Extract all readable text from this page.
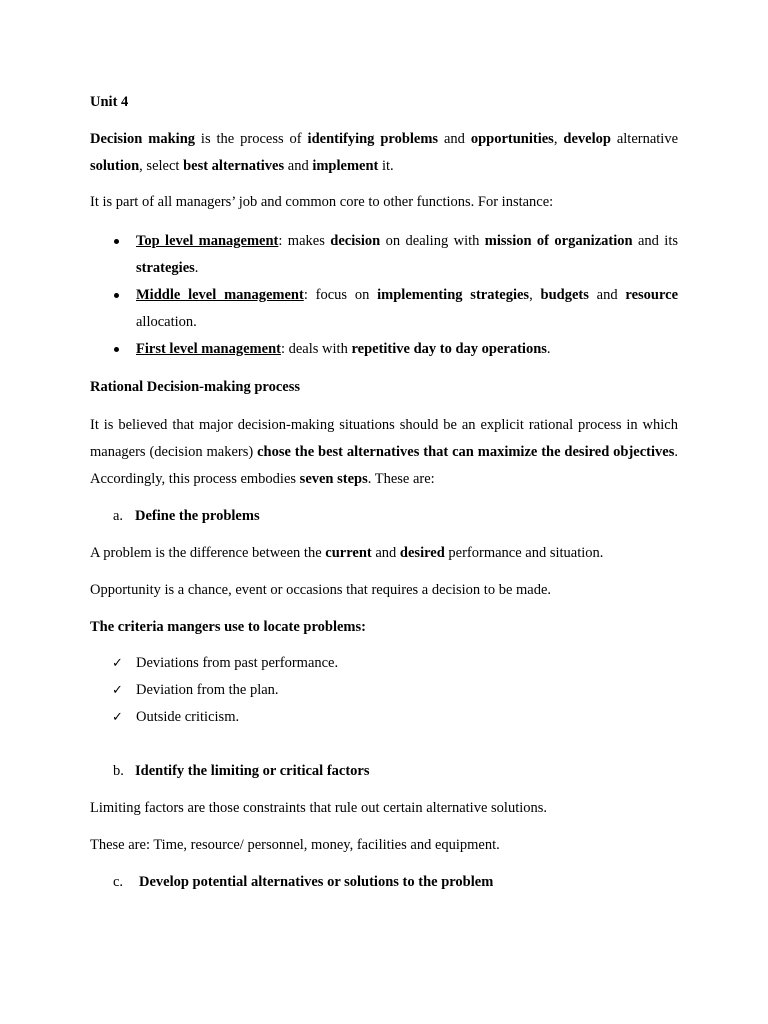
Unit 4

Decision making is the process of identifying problems and opportunities, develop alternative solution, select best alternatives and implement it.

It is part of all managers’ job and common core to other functions. For instance:

Top level management: makes decision on dealing with mission of organization and its strategies.
Middle level management: focus on implementing strategies, budgets and resource allocation.
First level management: deals with repetitive day to day operations.

Rational Decision-making process

It is believed that major decision-making situations should be an explicit rational process in which managers (decision makers) chose the best alternatives that can maximize the desired objectives. Accordingly, this process embodies seven steps. These are:

a. Define the problems

A problem is the difference between the current and desired performance and situation.

Opportunity is a chance, event or occasions that requires a decision to be made.

The criteria mangers use to locate problems:

✓ Deviations from past performance.
✓ Deviation from the plan.
✓ Outside criticism.

b. Identify the limiting or critical factors

Limiting factors are those constraints that rule out certain alternative solutions.

These are: Time, resource/ personnel, money, facilities and equipment.

c. Develop potential alternatives or solutions to the problem
